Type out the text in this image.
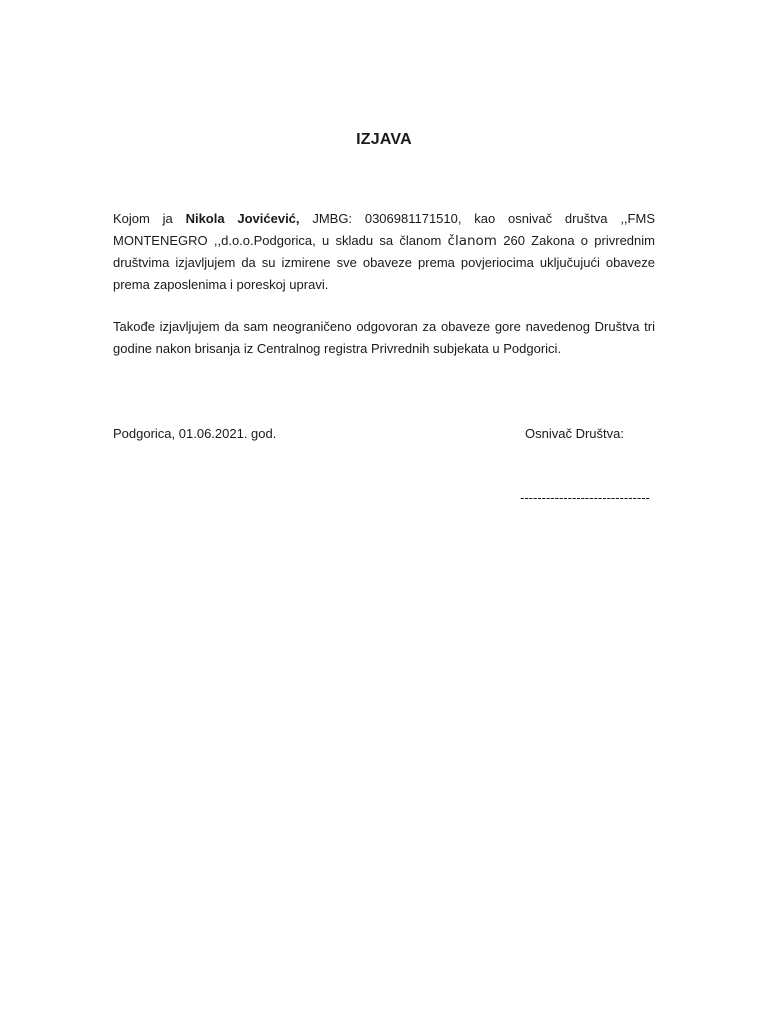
IZJAVA
Kojom ja Nikola Jovićević, JMBG: 0306981171510, kao osnivač društva ,,FMS MONTENEGRO ,,d.o.o.Podgorica, u skladu sa članom članom 260 Zakona o privrednim društvima izjavljujem da su izmirene sve obaveze prema povjeriocima uključujući obaveze prema zaposlenima i poreskoj upravi.
Takođe izjavljujem da sam neograničeno odgovoran za obaveze gore navedenog Društva tri godine nakon brisanja iz Centralnog registra Privrednih subjekata u Podgorici.
Podgorica, 01.06.2021. god.	Osnivač Društva:
------------------------------
